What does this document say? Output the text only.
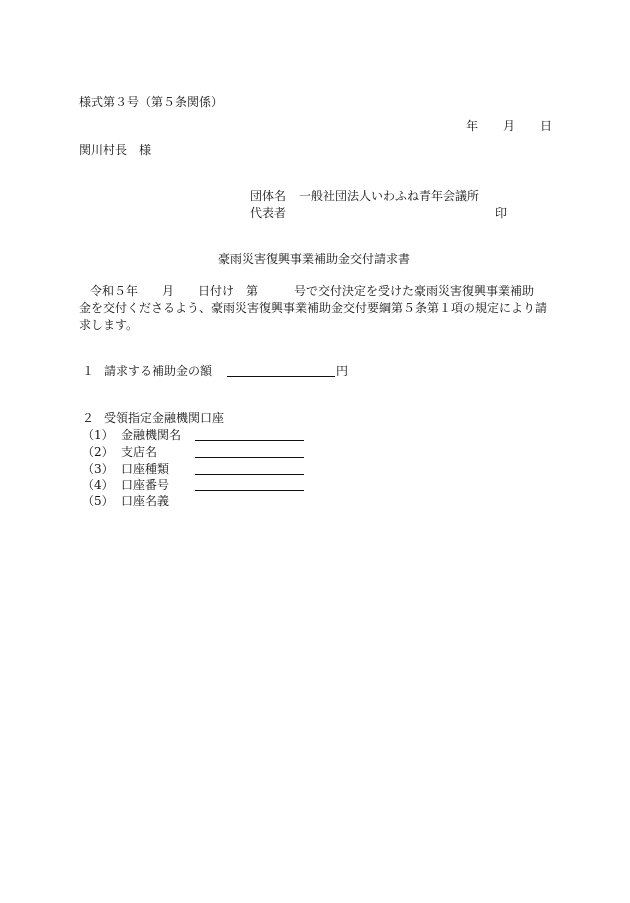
様式第３号（第５条関係）
年 月 日
関川村長　様
団体名 一般社団法人いわふね青年会議所
代表者	印
豪雨災害復興事業補助金交付請求書
令和５年　　月　　日付け　第　　　号で交付決定を受けた豪雨災害復興事業補助
金を交付くださるよう、豪雨災害復興事業補助金交付要綱第５条第１項の規定により請
求します。
１ 請求する補助金の額	円
２ 受領指定金融機関口座
（1） 金融機関名
（2） 支店名
（3） 口座種類
（4） 口座番号
（5） 口座名義
